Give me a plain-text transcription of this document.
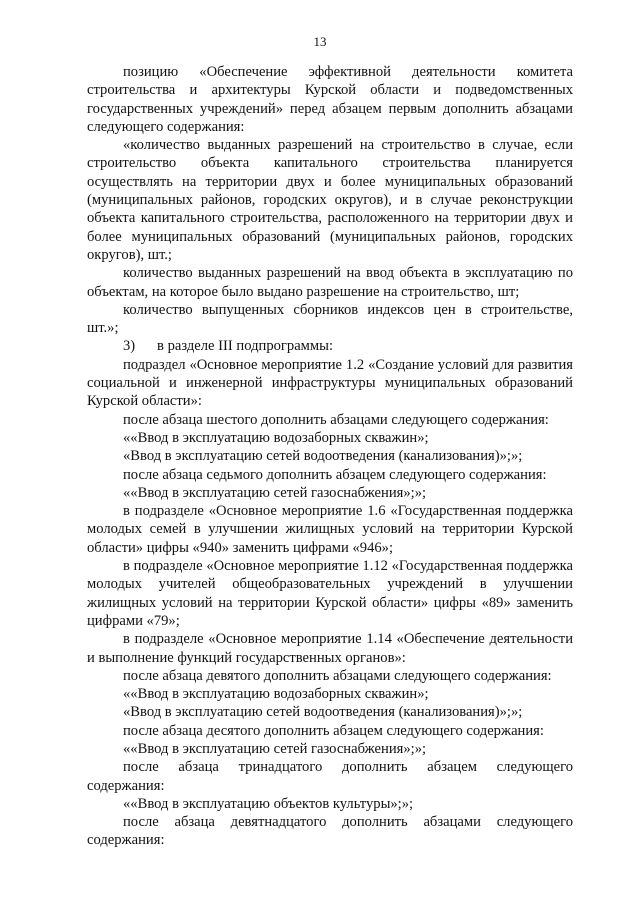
13

позицию «Обеспечение эффективной деятельности комитета строительства и архитектуры Курской области и подведомственных государственных учреждений» перед абзацем первым дополнить абзацами следующего содержания:

«количество выданных разрешений на строительство в случае, если строительство объекта капитального строительства планируется осуществлять на территории двух и более муниципальных образований (муниципальных районов, городских округов), и в случае реконструкции объекта капитального строительства, расположенного на территории двух и более муниципальных образований (муниципальных районов, городских округов), шт.;

количество выданных разрешений на ввод объекта в эксплуатацию по объектам, на которое было выдано разрешение на строительство, шт;

количество выпущенных сборников индексов цен в строительстве, шт.»;

3)      в разделе III подпрограммы:

подраздел «Основное мероприятие 1.2 «Создание условий для развития социальной и инженерной инфраструктуры муниципальных образований Курской области»:

после абзаца шестого дополнить абзацами следующего содержания:

««Ввод в эксплуатацию водозаборных скважин»;

«Ввод в эксплуатацию сетей водоотведения (канализования)»;»;

после абзаца седьмого дополнить абзацем следующего содержания:

««Ввод в эксплуатацию сетей газоснабжения»;»;

в подразделе «Основное мероприятие 1.6 «Государственная поддержка молодых семей в улучшении жилищных условий на территории Курской области» цифры «940» заменить цифрами «946»;

в подразделе «Основное мероприятие 1.12 «Государственная поддержка молодых учителей общеобразовательных учреждений в улучшении жилищных условий на территории Курской области» цифры «89» заменить цифрами «79»;

в подразделе «Основное мероприятие 1.14 «Обеспечение деятельности и выполнение функций государственных органов»:

после абзаца девятого дополнить абзацами следующего содержания:

««Ввод в эксплуатацию водозаборных скважин»;

«Ввод в эксплуатацию сетей водоотведения (канализования)»;»;

после абзаца десятого дополнить абзацем следующего содержания:

««Ввод в эксплуатацию сетей газоснабжения»;»;

после абзаца тринадцатого дополнить абзацем следующего содержания:

««Ввод в эксплуатацию объектов культуры»;»;

после абзаца девятнадцатого дополнить абзацами следующего содержания:
